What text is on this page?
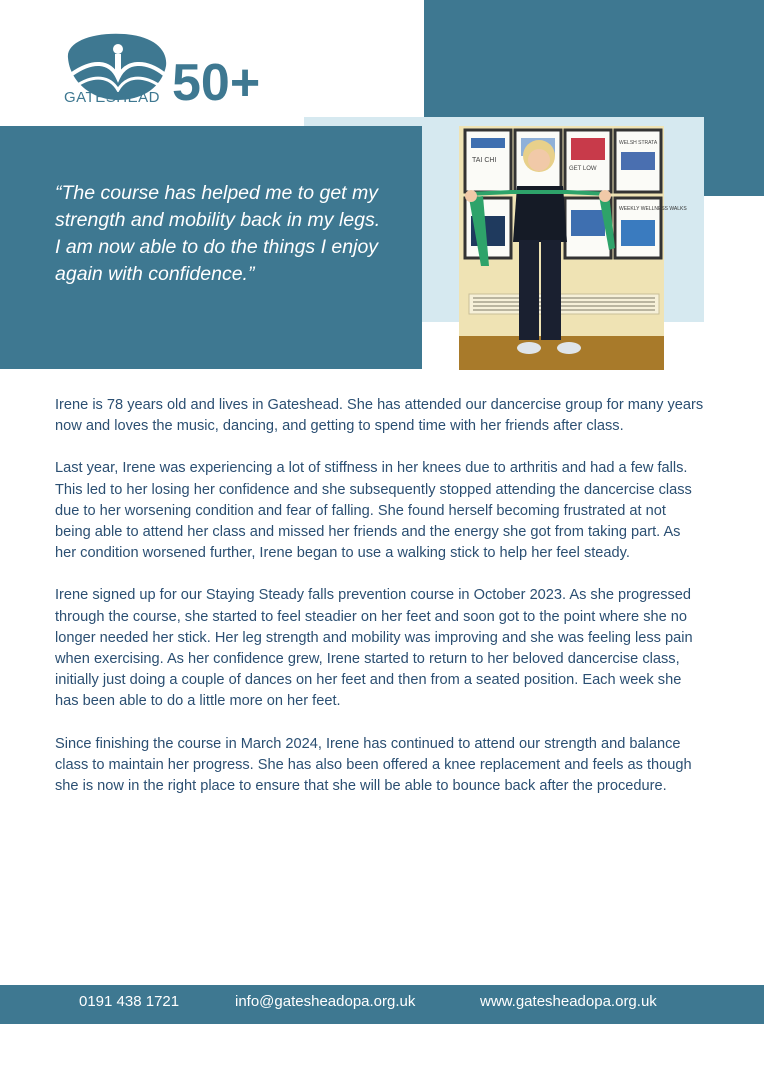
GATESHEAD 50+

“The course has helped me to get my strength and mobility back in my legs. I am now able to do the things I enjoy again with confidence.”

TAI CHI
GET LOW
WELSH STRATA
WEEKLY WELLNESS WALKS

Irene is 78 years old and lives in Gateshead. She has attended our dancercise group for many years now and loves the music, dancing, and getting to spend time with her friends after class.

Last year, Irene was experiencing a lot of stiffness in her knees due to arthritis and had a few falls. This led to her losing her confidence and she subsequently stopped attending the dancercise class due to her worsening condition and fear of falling. She found herself becoming frustrated at not being able to attend her class and missed her friends and the energy she got from taking part. As her condition worsened further, Irene began to use a walking stick to help her feel steady.

Irene signed up for our Staying Steady falls prevention course in October 2023. As she progressed through the course, she started to feel steadier on her feet and soon got to the point where she no longer needed her stick. Her leg strength and mobility was improving and she was feeling less pain when exercising. As her confidence grew, Irene started to return to her beloved dancercise class, initially just doing a couple of dances on her feet and then from a seated position. Each week she has been able to do a little more on her feet.

Since finishing the course in March 2024, Irene has continued to attend our strength and balance class to maintain her progress. She has also been offered a knee replacement and feels as though she is now in the right place to ensure that she will be able to bounce back after the procedure.

0191 438 1721	info@gatesheadopa.org.uk	www.gatesheadopa.org.uk
